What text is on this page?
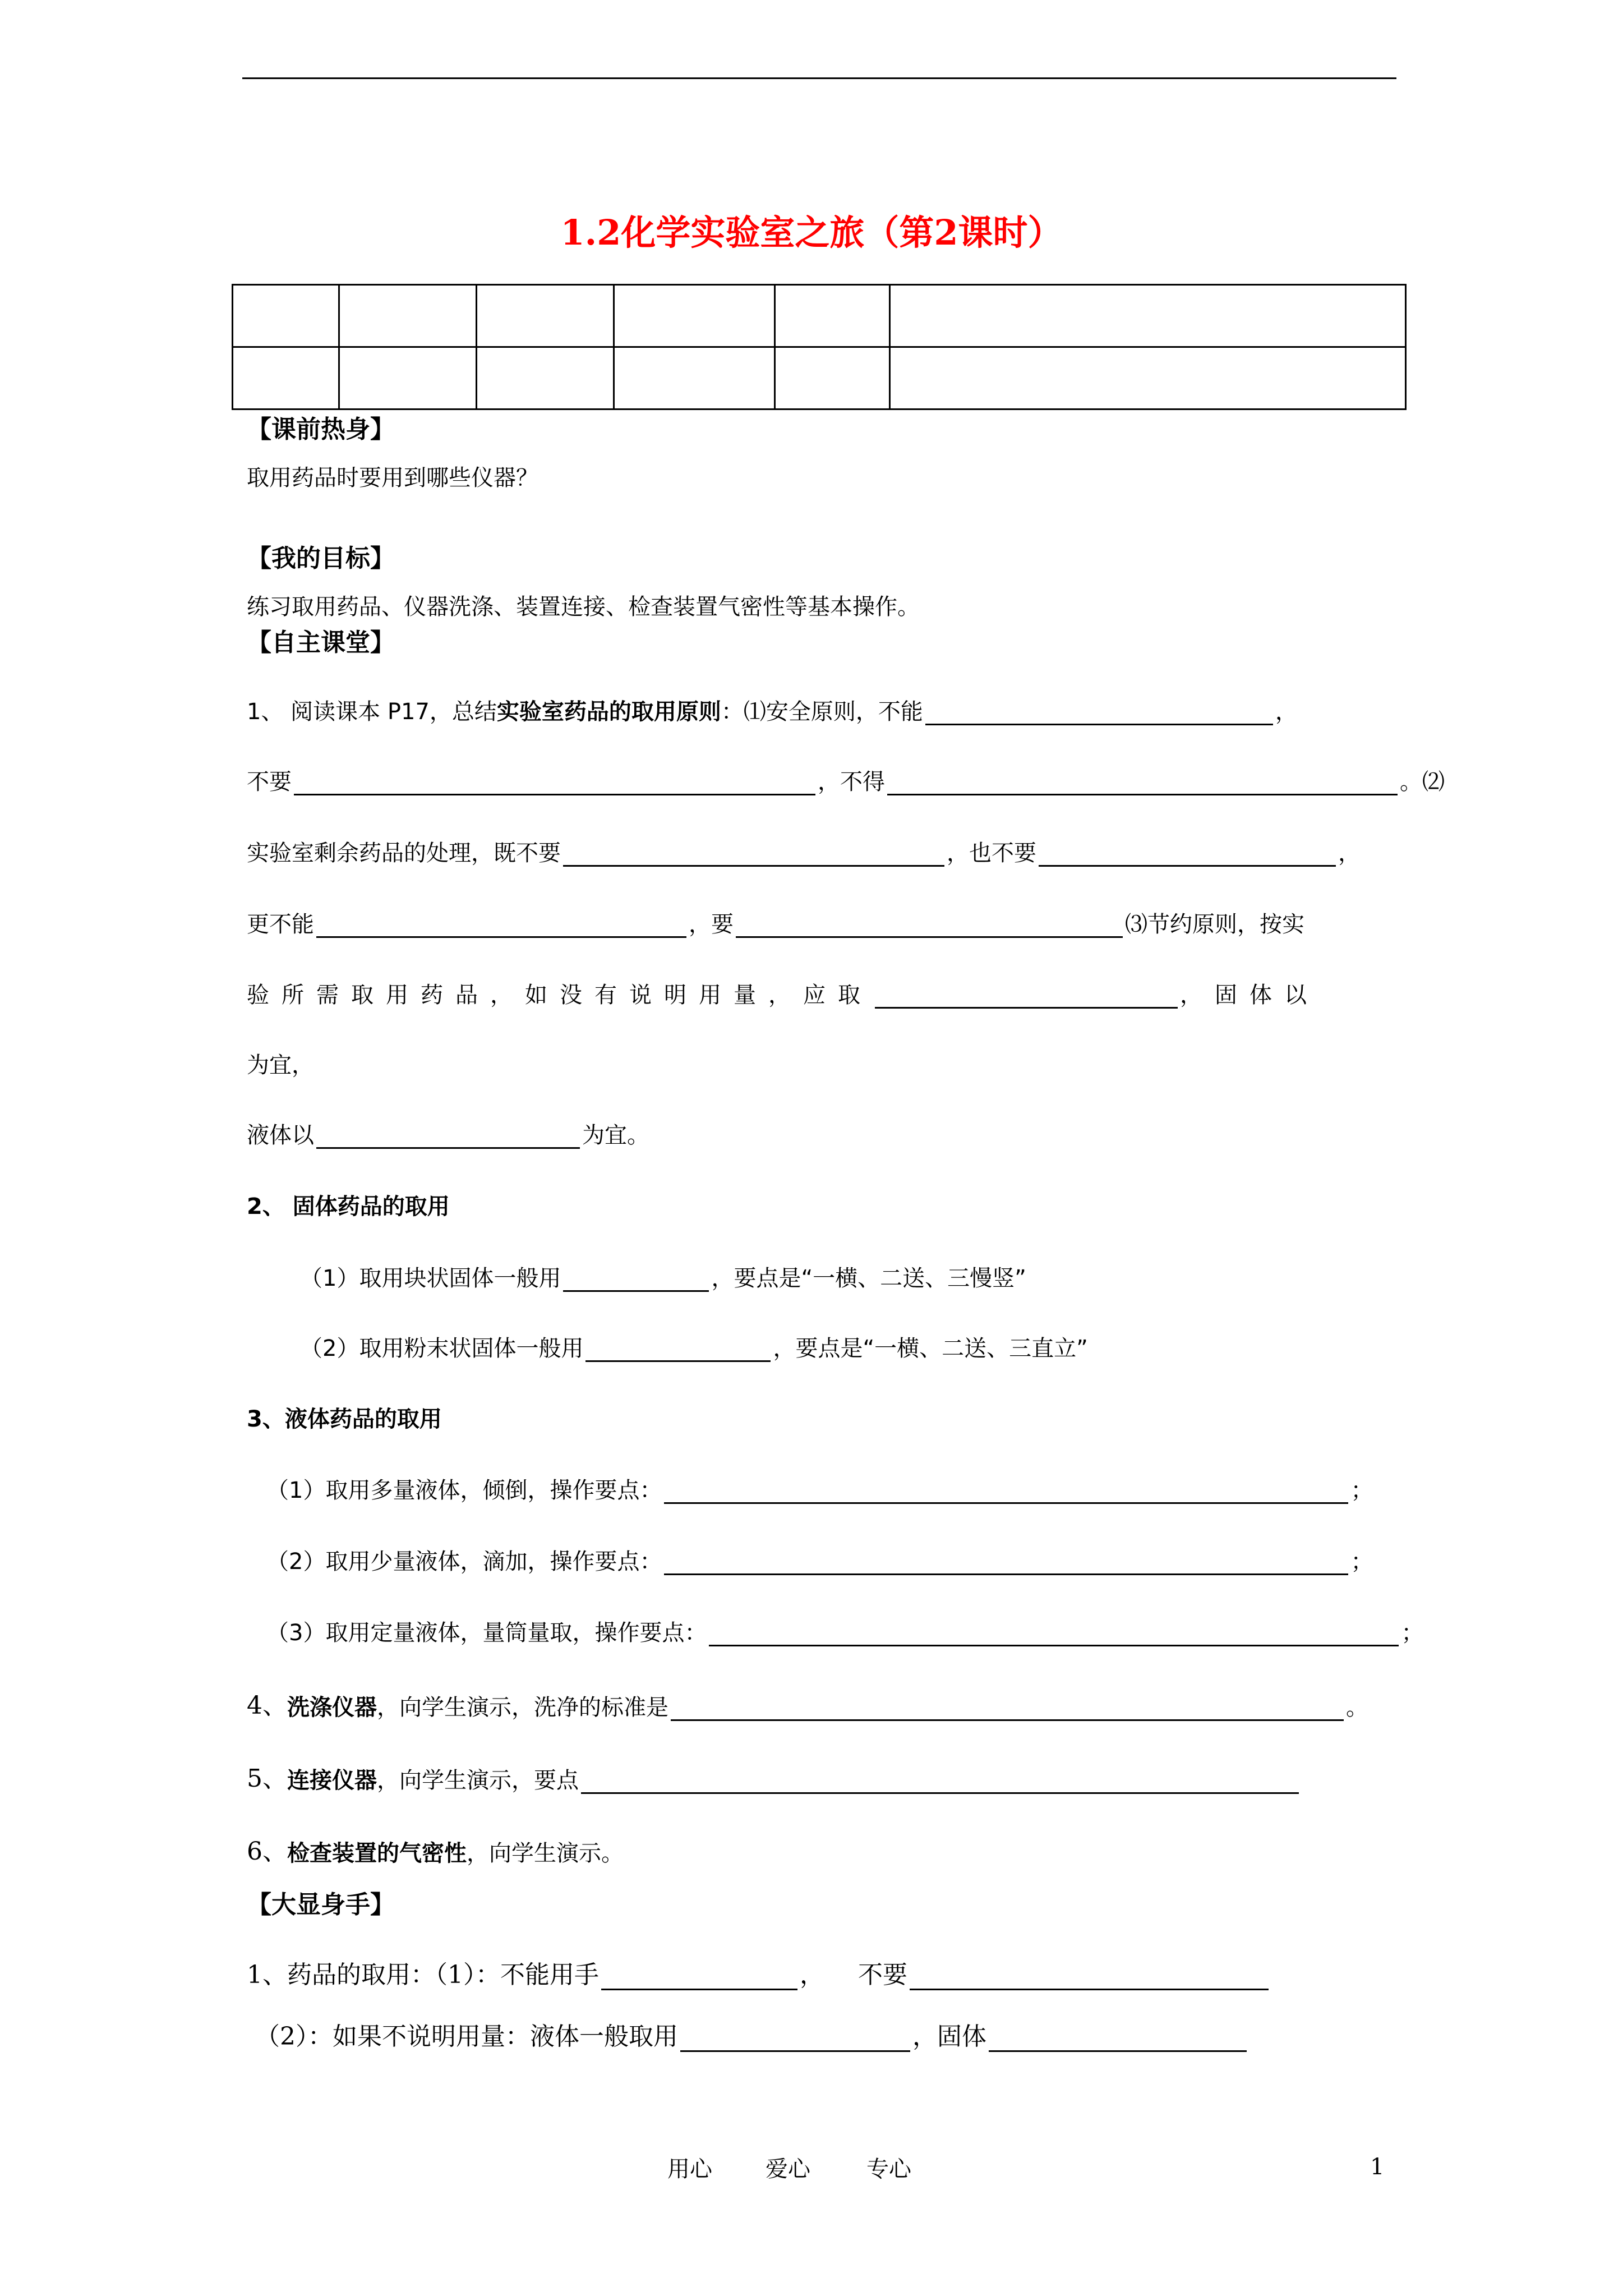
1.2化学实验室之旅（第2课时）

【课前热身】
取用药品时要用到哪些仪器？
【我的目标】
练习取用药品、仪器洗涤、装置连接、检查装置气密性等基本操作。
【自主课堂】
1、 阅读课本 P17，总结 实验室药品的取用原则 ：⑴安全原则，不能	，
不要	，不得	。⑵
实验室剩余药品的处理，既不要	，也不要	，
更不能	，要	⑶节约原则，按实
验所需取用药品，如没有说明用量，应取	，固体以
为宜，
液体以	为宜。
2、 固体药品的取用
（1）取用块状固体一般用	，要点是“一横、二送、三慢竖”
（2）取用粉末状固体一般用	，要点是“一横、二送、三直立”
3、液体药品的取用
（1）取用多量液体，倾倒，操作要点：	；
（2）取用少量液体，滴加，操作要点：	；
（3）取用定量液体，量筒量取，操作要点：	；
4、 洗涤仪器 ，向学生演示，洗净的标准是	。
5、 连接仪器 ，向学生演示，要点
6、 检查装置的气密性 ，向学生演示。
【大显身手】
1、药品的取用：（1）：不能用手	， 不要
（2）：如果不说明用量：液体一般取用	，固体
用心 爱心	专心	1
